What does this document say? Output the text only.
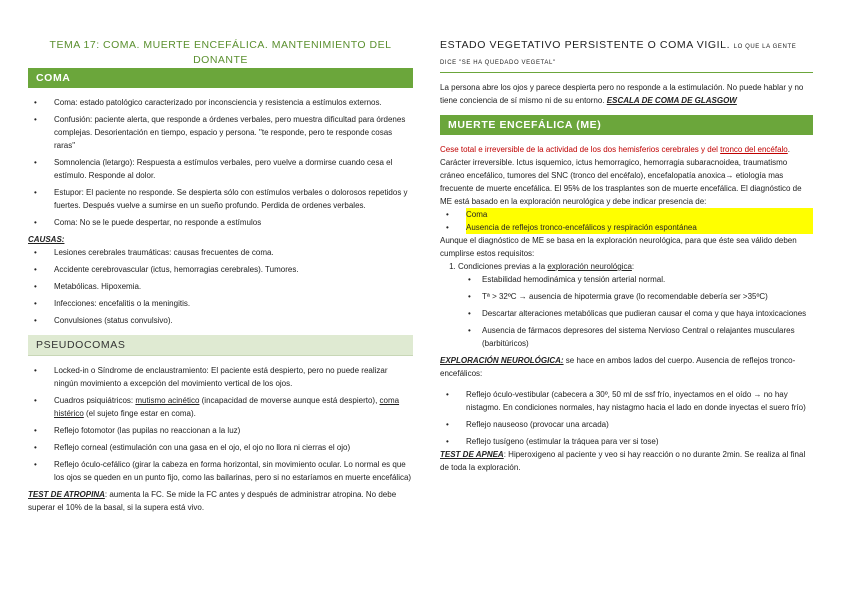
TEMA 17: COMA. MUERTE ENCEFÁLICA. MANTENIMIENTO DEL DONANTE
COMA
• Coma: estado patológico caracterizado por inconsciencia y resistencia a estímulos externos.
• Confusión: paciente alerta, que responde a órdenes verbales, pero muestra dificultad para órdenes complejas. Desorientación en tiempo, espacio y persona. "te responde, pero te responde cosas raras"
• Somnolencia (letargo): Respuesta a estímulos verbales, pero vuelve a dormirse cuando cesa el estímulo. Responde al dolor.
• Estupor: El paciente no responde. Se despierta sólo con estímulos verbales o dolorosos repetidos y fuertes. Después vuelve a sumirse en un sueño profundo. Perdida de ordenes verbales.
• Coma: No se le puede despertar, no responde a estímulos

CAUSAS:

• Lesiones cerebrales traumáticas: causas frecuentes de coma.
• Accidente cerebrovascular (ictus, hemorragias cerebrales). Tumores.
• Metabólicas. Hipoxemia.
• Infecciones: encefalitis o la meningitis.
• Convulsiones (status convulsivo).
PSEUDOCOMAS
• Locked-in o Síndrome de enclaustramiento: El paciente está despierto, pero no puede realizar ningún movimiento a excepción del movimiento vertical de los ojos.
• Cuadros psiquiátricos: mutismo acinético (incapacidad de moverse aunque está despierto), coma histérico (el sujeto finge estar en coma).
• Reflejo fotomotor (las pupilas no reaccionan a la luz)
• Reflejo corneal (estimulación con una gasa en el ojo, el ojo no llora ni cierras el ojo)
• Reflejo óculo-cefálico (girar la cabeza en forma horizontal, sin movimiento ocular. Lo normal es que los ojos se queden en un punto fijo, como las bailarinas, pero si no estaríamos en muerte encefálica)

TEST DE ATROPINA: aumenta la FC. Se mide la FC antes y después de administrar atropina. No debe superar el 10% de la basal, si la supera está vivo.

ESTADO VEGETATIVO PERSISTENTE O COMA VIGIL. LO QUE LA GENTE DICE "SE HA QUEDADO VEGETAL"

La persona abre los ojos y parece despierta pero no responde a la estimulación. No puede hablar y no tiene conciencia de sí mismo ni de su entorno. ESCALA DE COMA DE GLASGOW

MUERTE ENCEFÁLICA (ME)

Cese total e irreversible de la actividad de los dos hemisferios cerebrales y del tronco del encéfalo. Carácter irreversible. Ictus isquemico, ictus hemorragico, hemorragia subaracnoidea, traumatismo cráneo encefálico, tumores del SNC (tronco del encéfalo), encefalopatía anoxica→ etiología mas frecuente de muerte encefálica. El 95% de los trasplantes son de muerte encefálica. El diagnóstico de ME está basado en la exploración neurológica y debe indicar presencia de:

• Coma
• Ausencia de reflejos tronco-encefálicos y respiración espontánea

Aunque el diagnóstico de ME se basa en la exploración neurológica, para que éste sea válido deben cumplirse estos requisitos:

1. Condiciones previas a la exploración neurológica:
• Estabilidad hemodinámica y tensión arterial normal.
• Tª > 32ºC → ausencia de hipotermia grave (lo recomendable debería ser >35ºC)
• Descartar alteraciones metabólicas que pudieran causar el coma y que haya intoxicaciones
• Ausencia de fármacos depresores del sistema Nervioso Central o relajantes musculares (barbitúricos)

EXPLORACIÓN NEUROLÓGICA: se hace en ambos lados del cuerpo. Ausencia de reflejos tronco-encefálicos:

• Reflejo óculo-vestibular (cabecera a 30º, 50 ml de ssf frío, inyectamos en el oído → no hay nistagmo. En condiciones normales, hay nistagmo hacia el lado en donde inyectas el suero frío)
• Reflejo nauseoso (provocar una arcada)
• Reflejo tusígeno (estimular la tráquea para ver si tose)

TEST DE APNEA: Hiperoxigeno al paciente y veo si hay reacción o no durante 2min. Se realiza al final de toda la exploración.
